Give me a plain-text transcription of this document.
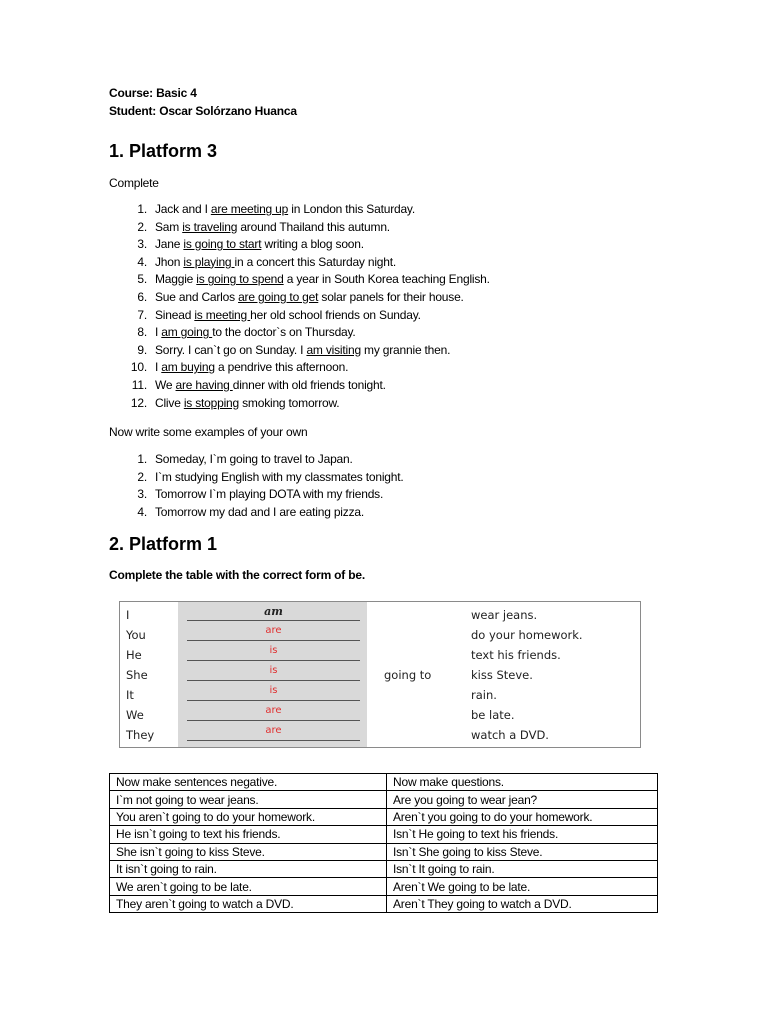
Course: Basic 4
Student: Oscar Solórzano Huanca
1. Platform 3
Complete
1. Jack and I are meeting up in London this Saturday.
2. Sam is traveling around Thailand this autumn.
3. Jane is going to start writing a blog soon.
4. Jhon is playing in a concert this Saturday night.
5. Maggie is going to spend a year in South Korea teaching English.
6. Sue and Carlos are going to get solar panels for their house.
7. Sinead is meeting her old school friends on Sunday.
8. I am going to the doctor`s on Thursday.
9. Sorry. I can`t go on Sunday. I am visiting my grannie then.
10. I am buying a pendrive this afternoon.
11. We are having dinner with old friends tonight.
12. Clive is stopping smoking tomorrow.
Now write some examples of your own
1. Someday, I`m going to travel to Japan.
2. I`m studying English with my classmates tonight.
3. Tomorrow I`m playing DOTA with my friends.
4. Tomorrow my dad and I are eating pizza.
2. Platform 1
Complete the table with the correct form of be.
going to
I	am	wear jeans.
You	are	do your homework.
He	is	text his friends.
She	is	kiss Steve.
It	is	rain.
We	are	be late.
They	are	watch a DVD.
Now make sentences negative.	Now make questions.
I`m not going to wear jeans.	Are you going to wear jean?
You aren`t going to do your homework.	Aren`t you going to do your homework.
He isn`t going to text his friends.	Isn`t He going to text his friends.
She isn`t going to kiss Steve.	Isn`t She going to kiss Steve.
It isn`t going to rain.	Isn`t It going to rain.
We aren`t going to be late.	Aren`t We going to be late.
They aren`t going to watch a DVD.	Aren`t They going to watch a DVD.
